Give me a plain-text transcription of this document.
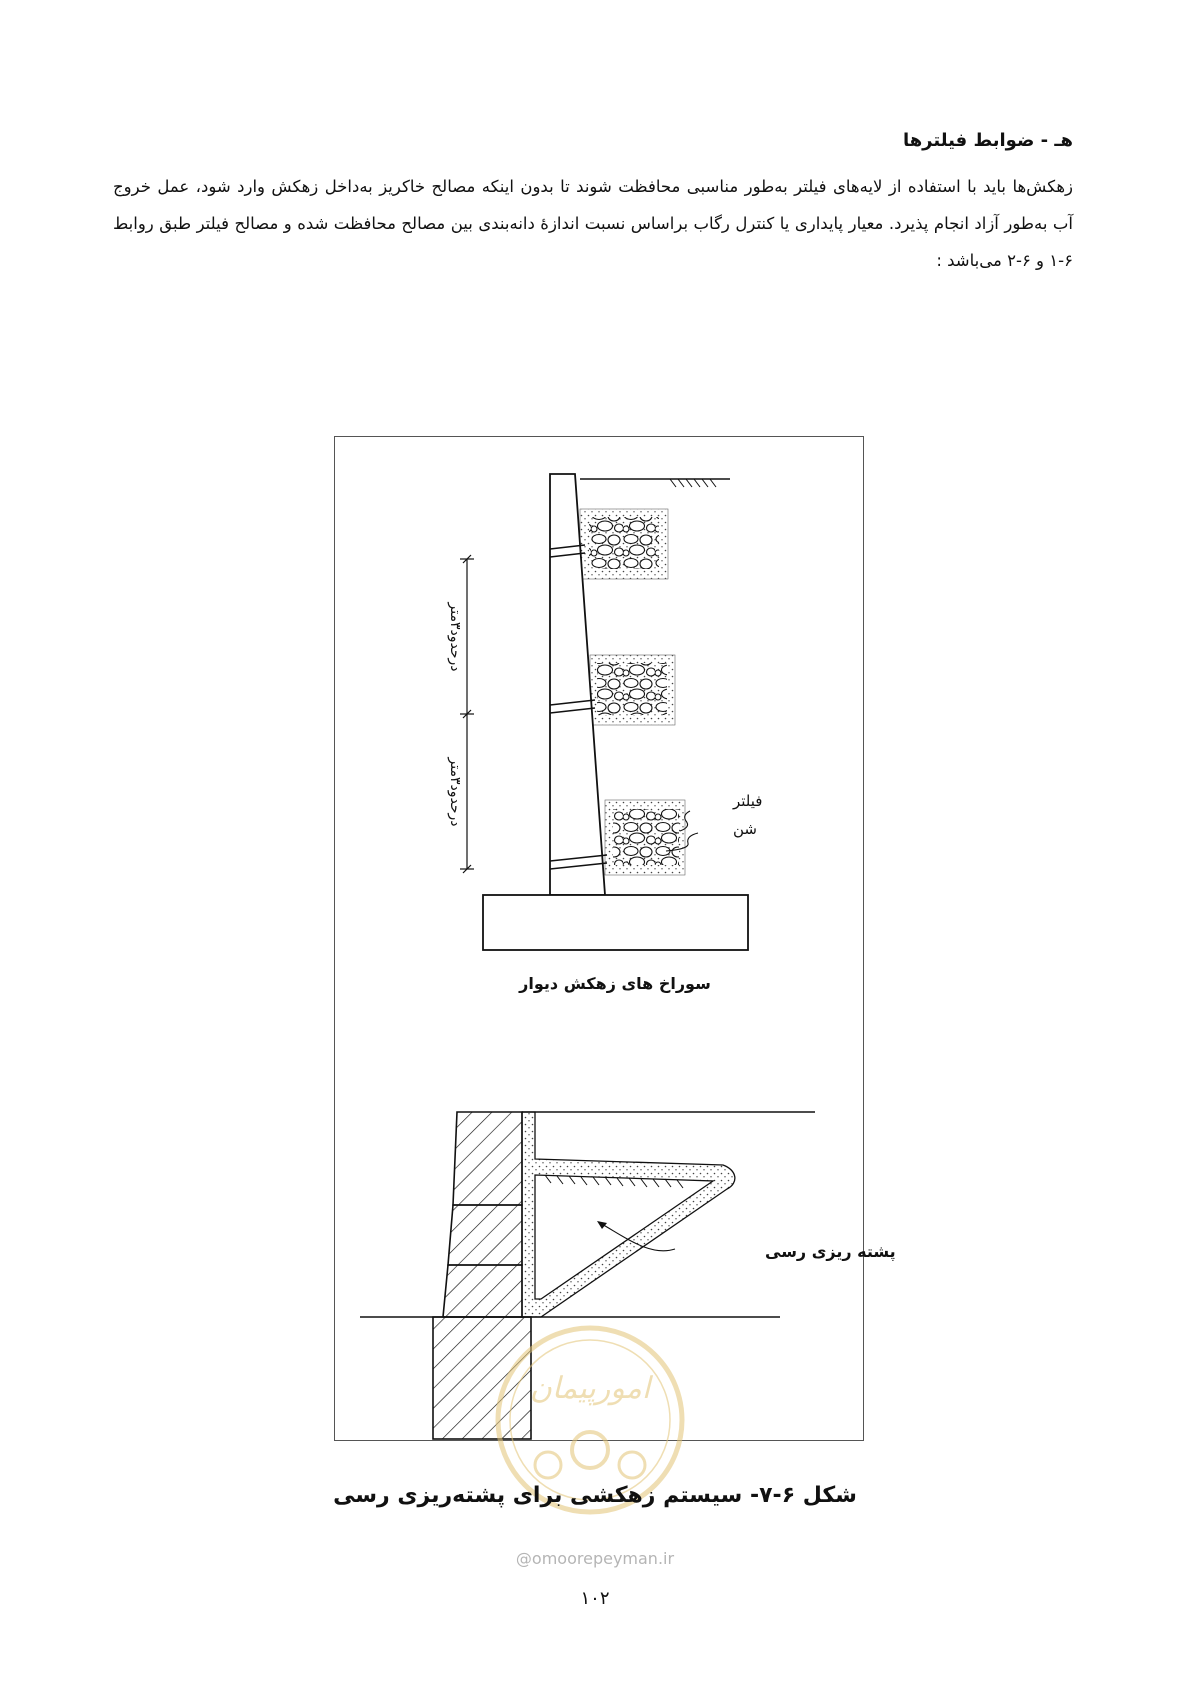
هـ - ضوابط فیلترها

زهکش‌ها باید با استفاده از لایه‌های فیلتر به‌طور مناسبی محافظت شوند تا بدون اینکه مصالح خاکریز به‌داخل زهکش وارد شود، عمل خروج آب به‌طور آزاد انجام پذیرد. معیار پایداری یا کنترل رگاب براساس نسبت اندازهٔ دانه‌بندی بین مصالح محافظت شده و مصالح فیلتر طبق روابط ۶-۱ و ۶-۲ می‌باشد :

درحدود۳متر
درحدود۳متر	فیلتر
شن
سوراخ های زهکش دیوار
پشته ریزی رسی
امورپیمان

شکل ۶-۷- سیستم زهکشی برای پشته‌ریزی رسی

@omoorepeyman.ir
۱۰۲
